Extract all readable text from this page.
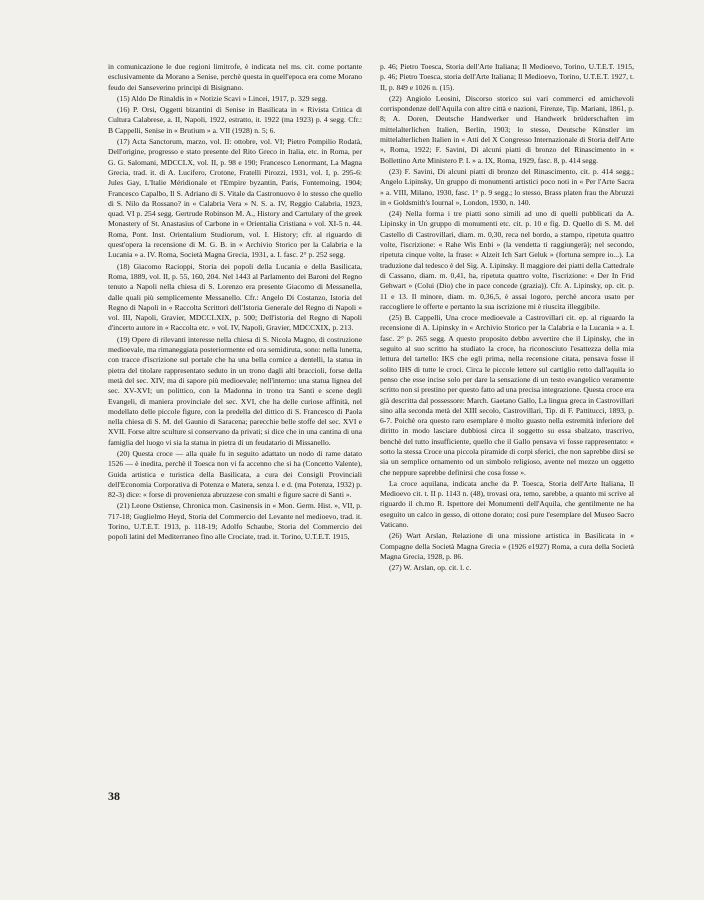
in comunicazione le due regioni limitrofe, è indicata nel ms. cit. come portante esclusivamente da Morano a Senise, perchè questa in quell'epoca era come Morano feudo dei Sanseverino principi di Bisignano.

(15) Aldo De Rinaldis in « Notizie Scavi » Lincei, 1917, p. 329 segg.

(16) P. Orsi, Oggetti bizantini di Senise in Basilicata in « Rivista Critica di Cultura Calabrese, a. II, Napoli, 1922, estratto, it. 1922 (ma 1923) p. 4 segg. Cfr.: B Cappelli, Senise in « Brutium » a. VII (1928) n. 5; 6.

(17) Acta Sanctorum, marzo, vol. II: ottobre, vol. VI; Pietro Pompilio Rodatà, Dell'origine, progresso e stato presente del Rito Greco in Italia, etc. in Roma, per G. G. Salomani, MDCCLX, vol. II, p. 98 e 190; Francesco Lenormant, La Magna Grecia, trad. it. di A. Lucifero, Crotone, Fratelli Pirozzi, 1931, vol. I, p. 295-6: Jules Gay, L'Italie Méridionale et l'Empire byzantin, Paris, Fontemoing, 1904; Francesco Capalbo, Il S. Adriano di S. Vitale da Castronuovo è lo stesso che quello di S. Nilo da Rossano? in « Calabria Vera » N. S. a. IV, Reggio Calabria, 1923, quad. VI p. 254 segg. Gertrude Robinson M. A., History and Cartulary of the greek Monastery of St. Anastasius of Carbone in « Orientalia Cristiana » vol. XI-5 n. 44. Roma, Pont. Inst. Orientalium Studiorum, vol. I. History; cfr. al riguardo di quest'opera la recensione di M. G. B. in « Archivio Storico per la Calabria e la Lucania » a. IV. Roma, Società Magna Grecia, 1931, a. I. fasc. 2° p. 252 segg.

(18) Giacomo Racioppi, Storia dei popoli della Lucania e della Basilicata, Roma, 1889, vol. II, p. 55, 160, 204. Nel 1443 al Parlamento dei Baroni del Regno tenuto a Napoli nella chiesa di S. Lorenzo era presente Giacomo di Messanella, dalle quali più semplicemente Messanello. Cfr.: Angelo Di Costanzo, Istoria del Regno di Napoli in « Raccolta Scrittori dell'Istoria Generale del Regno di Napoli » vol. III, Napoli, Gravier, MDCCLXIX, p. 500; Dell'istoria del Regno di Napoli d'incerto autore in « Raccolta etc. » vol. IV, Napoli, Gravier, MDCCXIX, p. 213.

(19) Opere di rilevanti interesse nella chiesa di S. Nicola Magno, di costruzione medioevale, ma rimaneggiata posteriormente ed ora semidiruta, sono: nella lunetta, con tracce d'iscrizione sul portale che ha una bella cornice a dentelli, la statua in pietra del titolare rappresentato seduto in un trono dagli alti braccioli, forse della metà del sec. XIV, ma di sapore più medioevale; nell'interno: una statua lignea del sec. XV-XVI; un polittico, con la Madonna in trono tra Santi e scene degli Evangeli, di maniera provinciale del sec. XVI, che ha delle curiose affinità, nel modellato delle piccole figure, con la predella del dittico di S. Francesco di Paola nella chiesa di S. M. del Gaunio di Saracena; parecchie belle stoffe del sec. XVI e XVII. Forse altre sculture si conservano da privati; si dice che in una cantina di una famiglia del luogo vi sia la statua in pietra di un feudatario di Missanello.

(20) Questa croce — alla quale fu in seguito adattato un nodo di rame datato 1526 — è inedita, perchè il Toesca non vi fa accenno che si ha (Concetto Valente), Guida artistica e turistica della Basilicata, a cura dei Consigli Provinciali dell'Economia Corporativa di Potenza e Matera, senza l. e d. (ma Potenza, 1932) p. 82-3) dice: « forse di provenienza abruzzese con smalti e figure sacre di Santi ».

(21) Leone Ostiense, Chronica mon. Casinensis in « Mon. Germ. Hist. », VII, p. 717-18; Guglielmo Heyd, Storia del Commercio del Levante nel medioevo, trad. it. Torino, U.T.E.T. 1913, p. 118-19; Adolfo Schaube, Storia del Commercio dei popoli latini del Mediterraneo fino alle Crociate, trad. it. Torino, U.T.E.T. 1915,

p. 46; Pietro Toesca, Storia dell'Arte Italiana; Il Medioevo, Torino, U.T.E.T. 1915, p. 46; Pietro Toesca, storia dell'Arte Italiana; Il Medioevo, Torino, U.T.E.T. 1927, t. II, p. 849 e 1026 n. (15).

(22) Angiolo Leosini, Discorso storico sui vari commerci ed amichevoli corrispondenze dell'Aquila con altre città e nazioni, Firenze, Tip. Mariani, 1861, p. 8; A. Doren, Deutsche Handwerker und Handwerk brüderschaften im mittelalterlichen Italien, Berlin, 1903; lo stesso, Deutsche Künstler im mittelalterlichen Italien in « Atti del X Congresso Internazionale di Storia dell'Arte », Roma, 1922; F. Savini, Di alcuni piatti di bronzo del Rinascimento in « Bollettino Arte Ministero P. I. » a. IX, Roma, 1929, fasc. 8, p. 414 segg.

(23) F. Savini, Di alcuni piatti di bronzo del Rinascimento, cit. p. 414 segg.; Angelo Lipinsky, Un gruppo di monumenti artistici poco noti in « Per l'Arte Sacra » a. VIII, Milano, 1930, fasc. 1° p. 9 segg.; lo stesso, Brass platen frau the Abruzzi in « Goldsmith's Iournal », London, 1930, n. 140.

(24) Nella forma i tre piatti sono simili ad uno di quelli pubblicati da A. Lipinsky in Un gruppo di monumenti etc. cit. p. 10 e fig. D. Quello di S. M. del Castello di Castrovillari, diam. m. 0,30, reca nel bordo, a stampo, ripetuta quattro volte, l'iscrizione: « Rahe Wis Enbi » (la vendetta ti raggiungerà); nel secondo, ripetuta cinque volte, la frase: « Alzeit Ich Sart Geluk » (fortuna sempre io...). La traduzione dal tedesco è del Sig. A. Lipinsky. Il maggiore dei piatti della Cattedrale di Cassano, diam. m. 0,41, ha, ripetuta quattro volte, l'iscrizione: « Der In Frid Gehwart » (Colui (Dio) che in pace concede (grazia)). Cfr. A. Lipinsky, op. cit. p. 11 e 13. Il minore, diam. m. 0,36,5, è assai logoro, perchè ancora usato per raccogliere le offerte e pertanto la sua iscrizione mi è riuscita illeggibile.

(25) B. Cappelli, Una croce medioevale a Castrovillari cit. ep. al riguardo la recensione di A. Lipinsky in « Archivio Storico per la Calabria e la Lucania » a. I. fasc. 2° p. 265 segg. A questo proposito debbo avvertire che il Lipinsky, che in seguito al suo scritto ha studiato la croce, ha riconosciuto l'esattezza della mia lettura del tartello: IKS che egli prima, nella recensione citata, pensava fosse il solito IHS di tutte le croci. Circa le piccole lettere sul cartiglio retto dall'aquila io penso che esse incise solo per dare la sensazione di un testo evangelico veramente scritto non si prestino per questo fatto ad una precisa integrazione. Questa croce era già descritta dal possessore: March. Gaetano Gallo, La lingua greca in Castrovillari sino alla seconda metà del XIII secolo, Castrovillari, Tip. di F. Pattitucci, 1893, p. 6-7. Poichè ora questo raro esemplare è molto guasto nella estremità inferiore del diritto in modo lasciare dubbiosi circa il soggetto su essa sbalzato, trascrivo, benchè del tutto insufficiente, quello che il Gallo pensava vi fosse rappresentato: « sotto la stessa Croce una piccola piramide di corpi sferici, che non saprebbe dirsi se sia un semplice ornamento od un simbolo religioso, avente nel mezzo un oggetto che neppure saprebbe definirsi che cosa fosse ».

La croce aquilana, indicata anche da P. Toesca, Storia dell'Arte Italiana, Il Medioevo cit. t. II p. 1143 n. (48), trovasi ora, temo, sarebbe, a quanto mi scrive al riguardo il ch.mo R. Ispettore dei Monumenti dell'Aquila, che gentilmente ne ha eseguito un calco in gesso, di ottone dorato; così pure l'esemplare del Museo Sacro Vaticano.

(26) Wart Arslan, Relazione di una missione artistica in Basilicata in « Compagne della Società Magna Grecia » (1926 e1927) Roma, a cura della Società Magna Grecia, 1928, p. 86.

(27) W. Arslan, op. cit. l. c.

38
